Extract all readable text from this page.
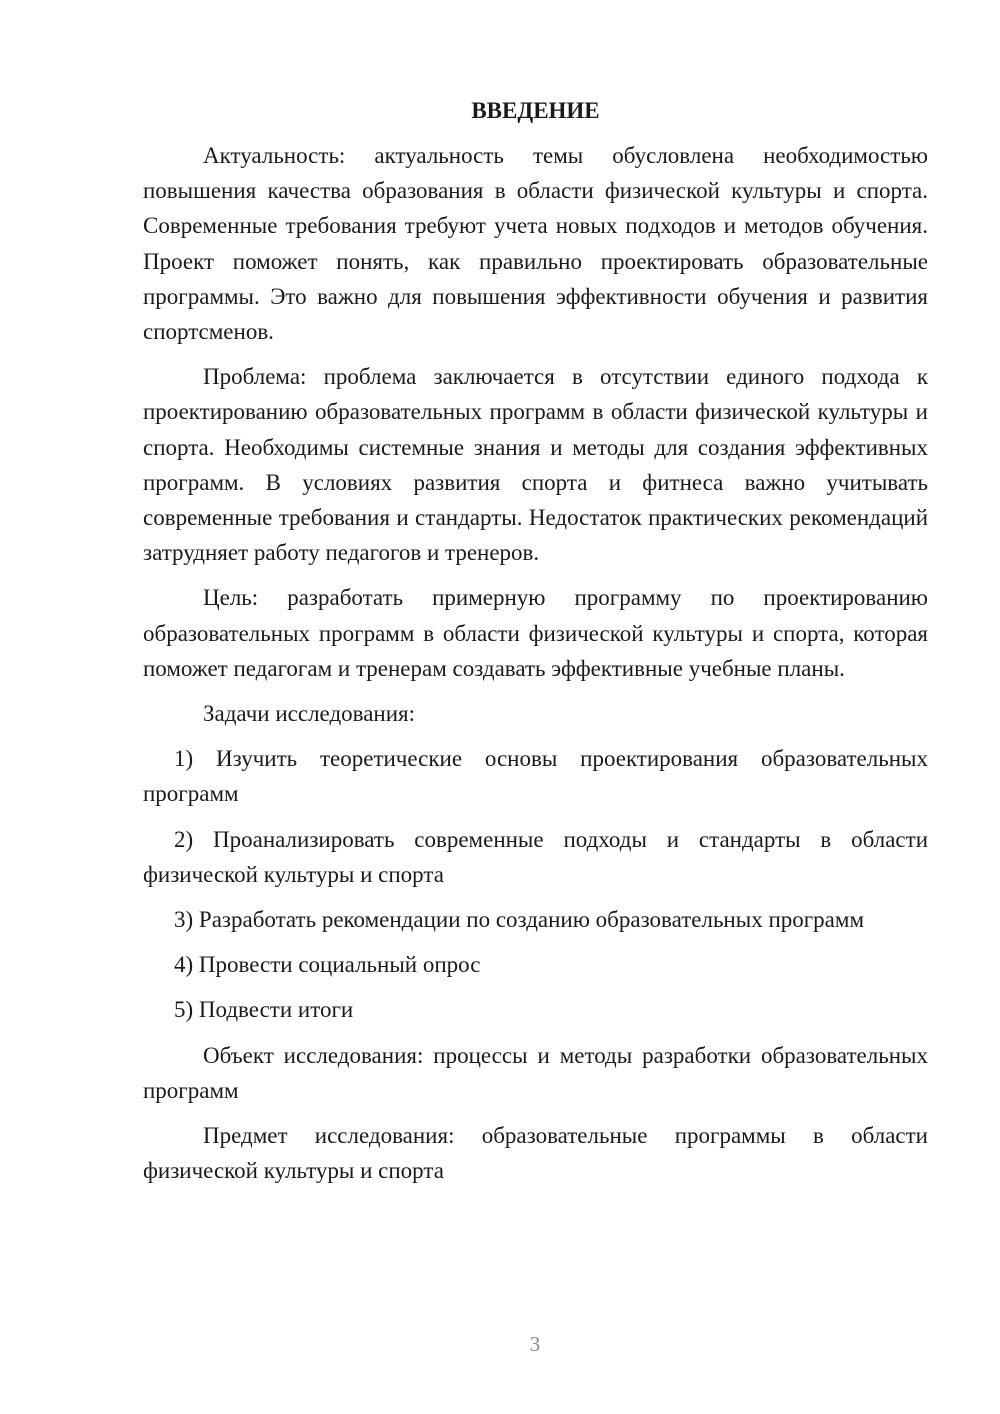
ВВЕДЕНИЕ

Актуальность: актуальность темы обусловлена необходимостью повышения качества образования в области физической культуры и спорта. Современные требования требуют учета новых подходов и методов обучения. Проект поможет понять, как правильно проектировать образовательные программы. Это важно для повышения эффективности обучения и развития спортсменов.

Проблема: проблема заключается в отсутствии единого подхода к проектированию образовательных программ в области физической культуры и спорта. Необходимы системные знания и методы для создания эффективных программ. В условиях развития спорта и фитнеса важно учитывать современные требования и стандарты. Недостаток практических рекомендаций затрудняет работу педагогов и тренеров.

Цель: разработать примерную программу по проектированию образовательных программ в области физической культуры и спорта, которая поможет педагогам и тренерам создавать эффективные учебные планы.

Задачи исследования:

1) Изучить теоретические основы проектирования образовательных программ

2) Проанализировать современные подходы и стандарты в области физической культуры и спорта

3) Разработать рекомендации по созданию образовательных программ

4) Провести социальный опрос

5) Подвести итоги

Объект исследования: процессы и методы разработки образовательных программ

Предмет исследования: образовательные программы в области физической культуры и спорта

3
